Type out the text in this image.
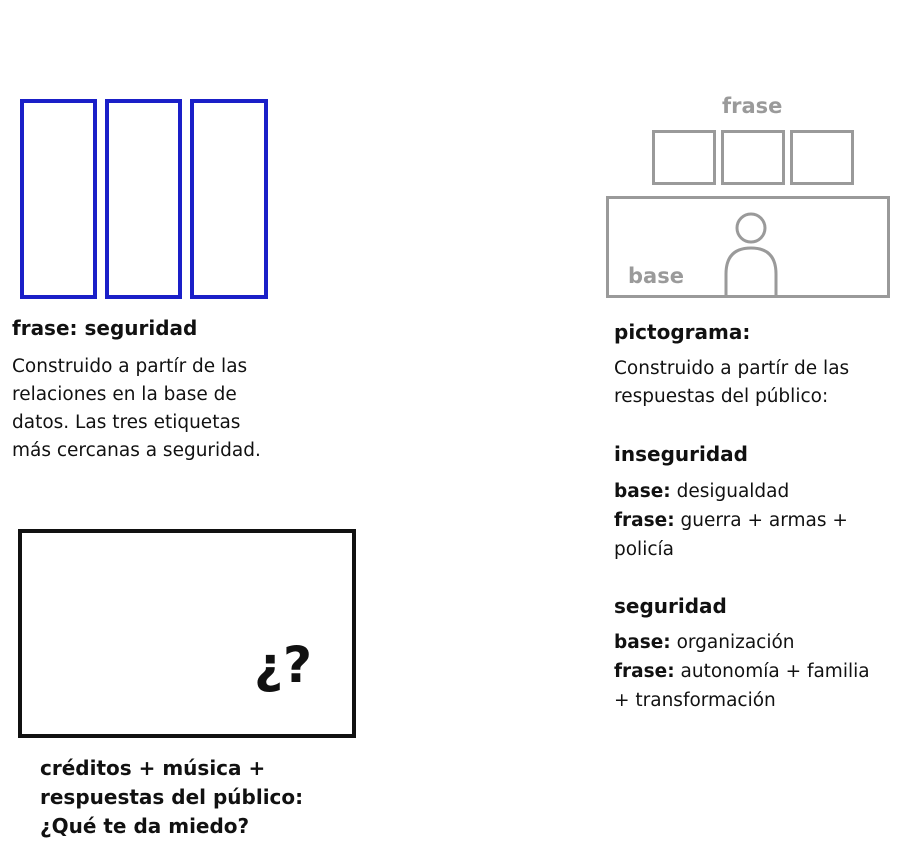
frase: seguridad
Construido a partír de las
relaciones en la base de
datos. Las tres etiquetas
más cercanas a seguridad.
frase
base
pictograma:
Construido a partír de las
respuestas del público:
inseguridad
base: desigualdad
frase: guerra + armas +
policía
seguridad
base: organización
frase: autonomía + familia
+ transformación
¿?
créditos + música +
respuestas del público:
¿Qué te da miedo?
